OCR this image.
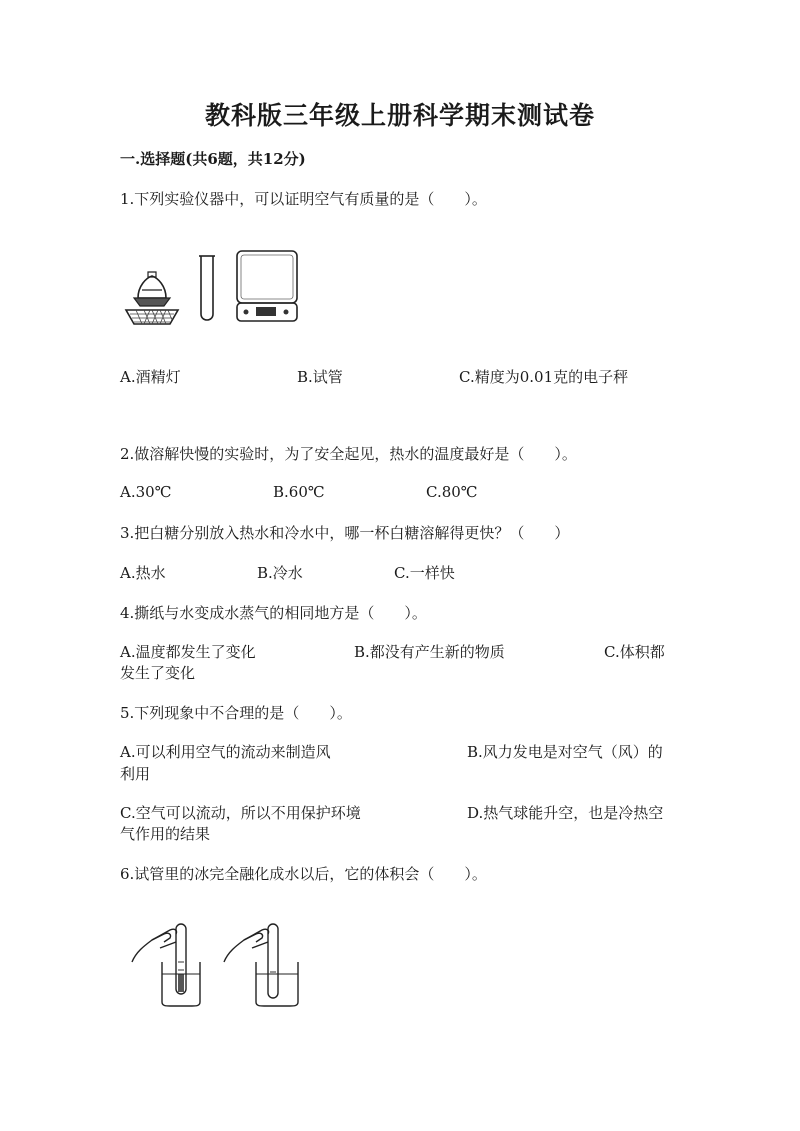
教科版三年级上册科学期末测试卷
一.选择题(共6题，共12分)
1.下列实验仪器中，可以证明空气有质量的是（　　）。
A.酒精灯	B.试管	C.精度为0.01克的电子秤
2.做溶解快慢的实验时，为了安全起见，热水的温度最好是（　　）。
A.30℃	B.60℃	C.80℃
3.把白糖分别放入热水和冷水中，哪一杯白糖溶解得更快？（　　）
A.热水	B.冷水	C.一样快
4.撕纸与水变成水蒸气的相同地方是（　　）。
A.温度都发生了变化	B.都没有产生新的物质	C.体积都
发生了变化
5.下列现象中不合理的是（　　）。
A.可以利用空气的流动来制造风	B.风力发电是对空气（风）的
利用
C.空气可以流动，所以不用保护环境	D.热气球能升空，也是冷热空
气作用的结果
6.试管里的冰完全融化成水以后，它的体积会（　　）。
